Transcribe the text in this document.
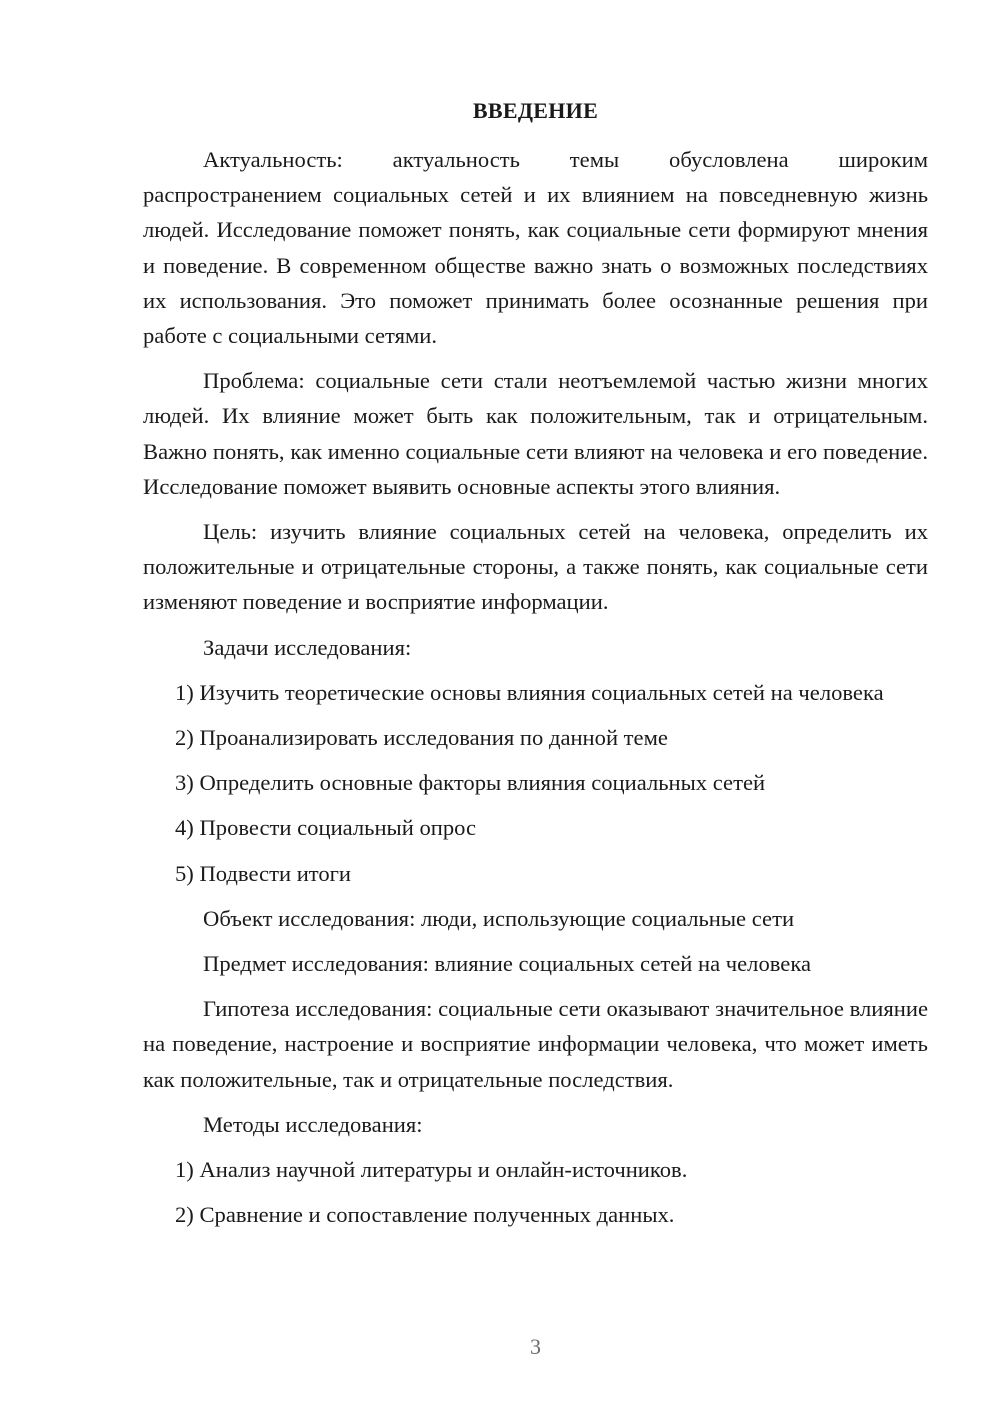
ВВЕДЕНИЕ

Актуальность: актуальность темы обусловлена широким распространением социальных сетей и их влиянием на повседневную жизнь людей. Исследование поможет понять, как социальные сети формируют мнения и поведение. В современном обществе важно знать о возможных последствиях их использования. Это поможет принимать более осознанные решения при работе с социальными сетями.

Проблема: социальные сети стали неотъемлемой частью жизни многих людей. Их влияние может быть как положительным, так и отрицательным. Важно понять, как именно социальные сети влияют на человека и его поведение. Исследование поможет выявить основные аспекты этого влияния.

Цель: изучить влияние социальных сетей на человека, определить их положительные и отрицательные стороны, а также понять, как социальные сети изменяют поведение и восприятие информации.

Задачи исследования:

1) Изучить теоретические основы влияния социальных сетей на человека

2) Проанализировать исследования по данной теме

3) Определить основные факторы влияния социальных сетей

4) Провести социальный опрос

5) Подвести итоги

Объект исследования: люди, использующие социальные сети

Предмет исследования: влияние социальных сетей на человека

Гипотеза исследования: социальные сети оказывают значительное влияние на поведение, настроение и восприятие информации человека, что может иметь как положительные, так и отрицательные последствия.

Методы исследования:

1) Анализ научной литературы и онлайн-источников.

2) Сравнение и сопоставление полученных данных.

3
